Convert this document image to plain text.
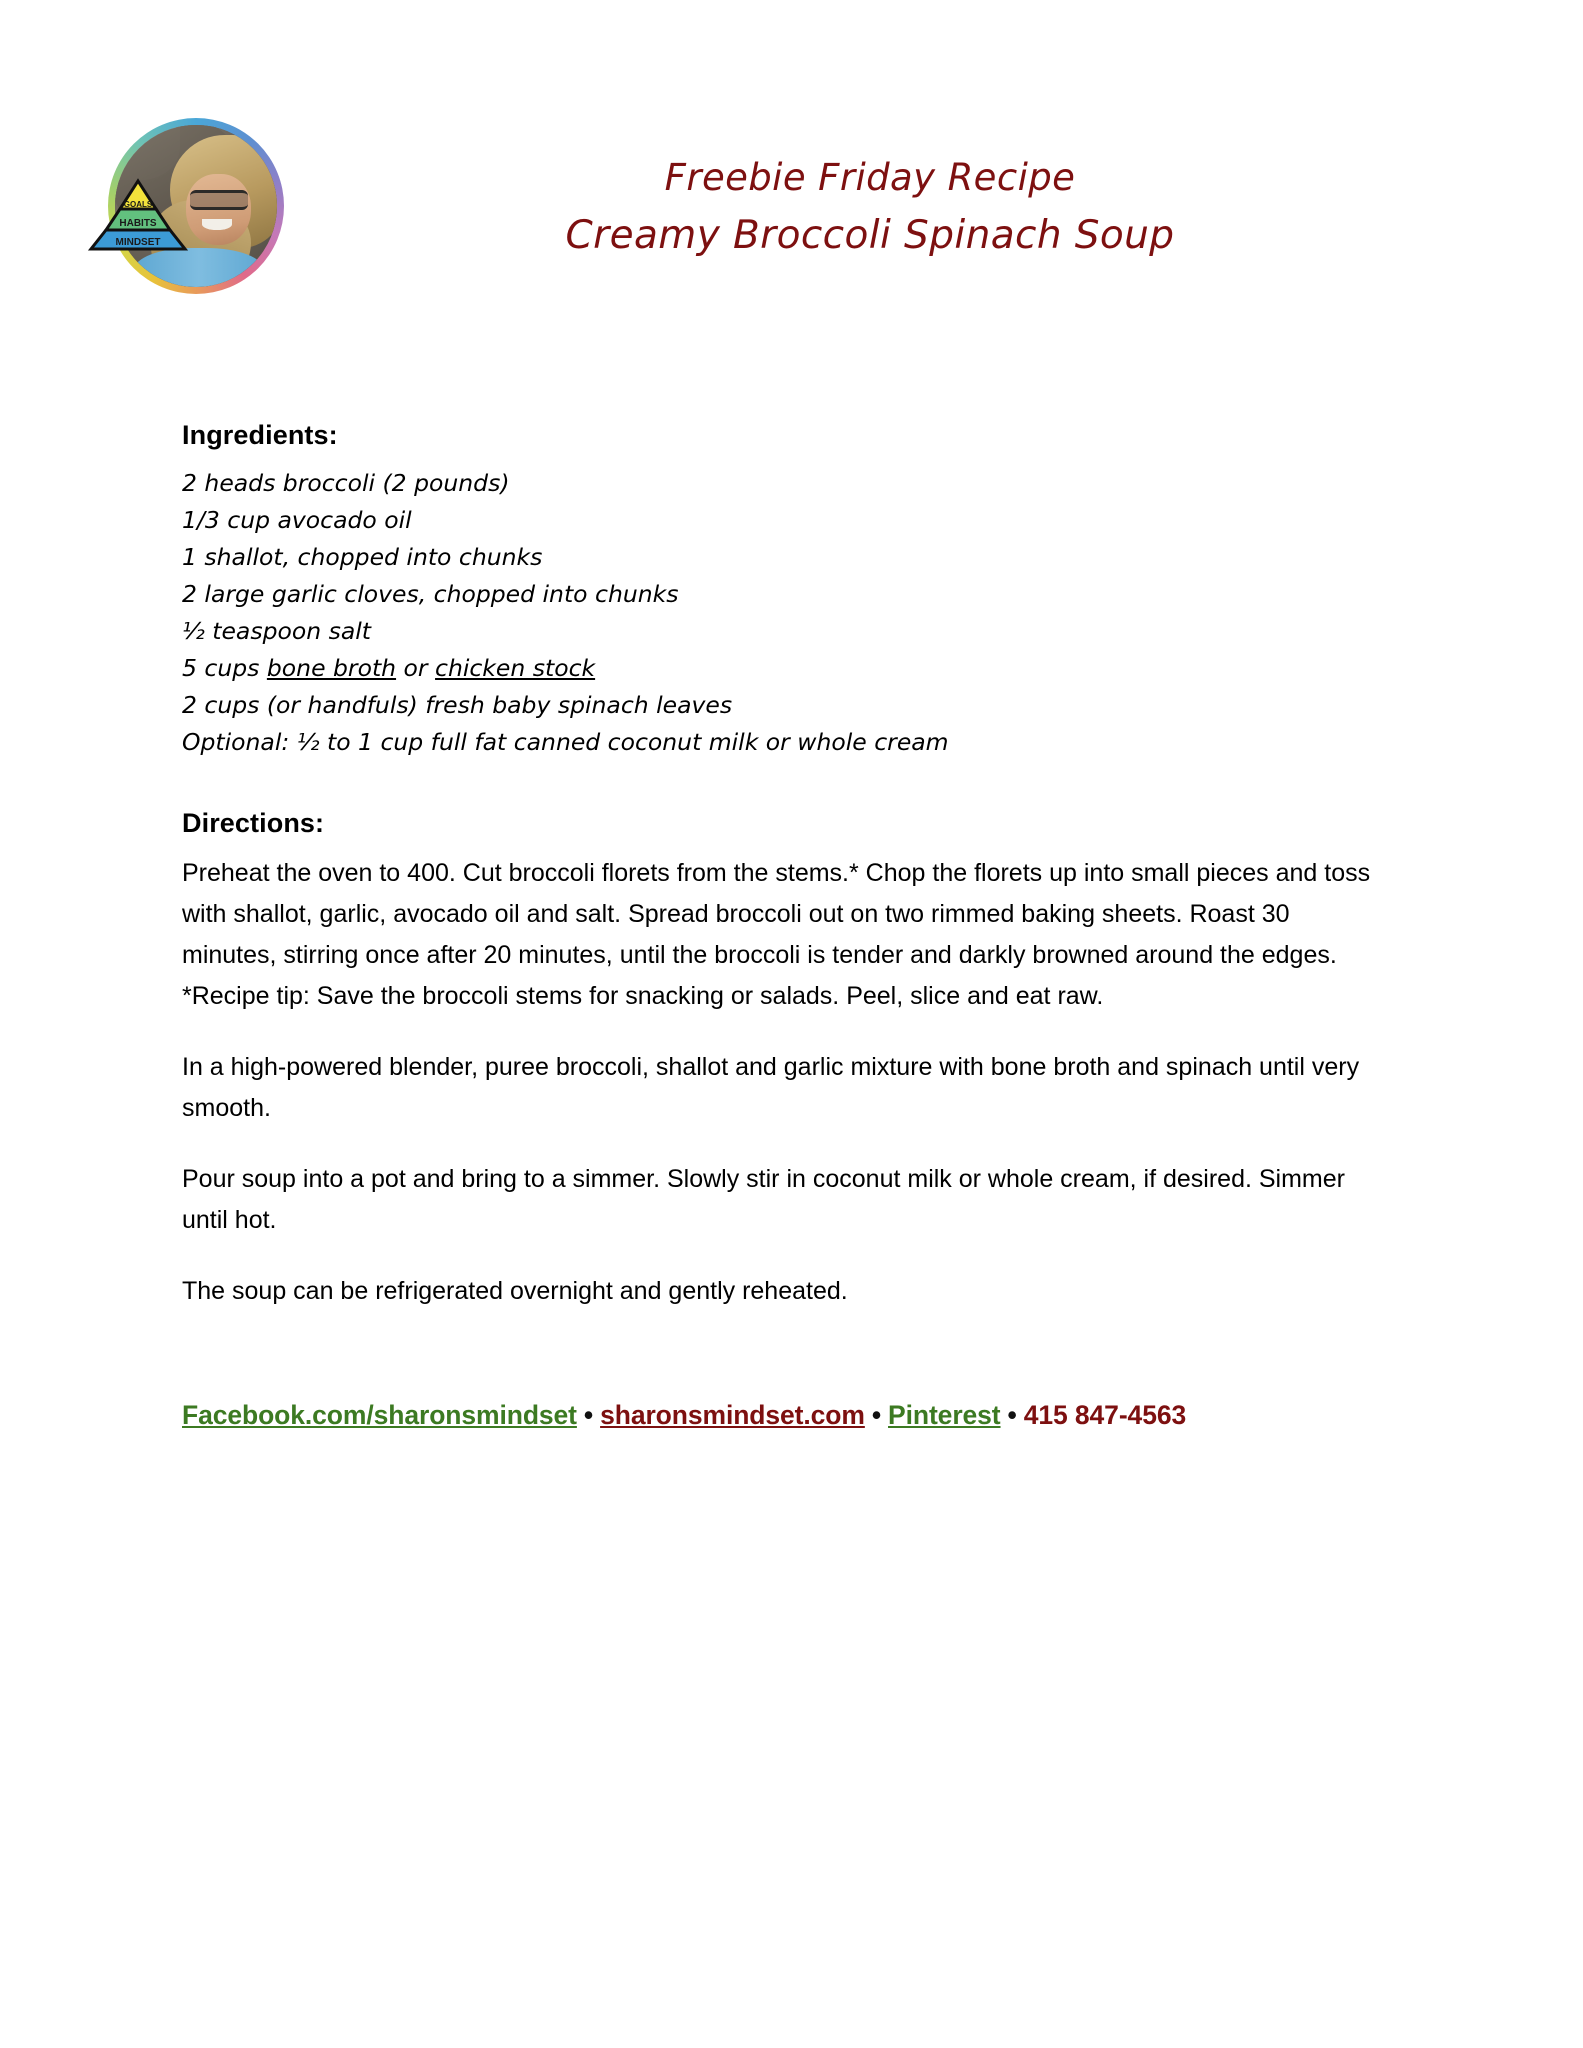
GOALS
HABITS
MINDSET
Freebie Friday Recipe
Creamy Broccoli Spinach Soup
Ingredients:
2 heads broccoli (2 pounds)
1/3 cup avocado oil
1 shallot, chopped into chunks
2 large garlic cloves, chopped into chunks
½ teaspoon salt
5 cups bone broth or chicken stock
2 cups (or handfuls) fresh baby spinach leaves
Optional: ½ to 1 cup full fat canned coconut milk or whole cream
Directions:

Preheat the oven to 400. Cut broccoli florets from the stems.* Chop the florets up into small pieces and toss with shallot, garlic, avocado oil and salt. Spread broccoli out on two rimmed baking sheets. Roast 30 minutes, stirring once after 20 minutes, until the broccoli is tender and darkly browned around the edges.

*Recipe tip: Save the broccoli stems for snacking or salads. Peel, slice and eat raw.

In a high-powered blender, puree broccoli, shallot and garlic mixture with bone broth and spinach until very smooth.

Pour soup into a pot and bring to a simmer. Slowly stir in coconut milk or whole cream, if desired. Simmer until hot.

The soup can be refrigerated overnight and gently reheated.

Facebook.com/sharonsmindset • sharonsmindset.com • Pinterest • 415 847-4563
